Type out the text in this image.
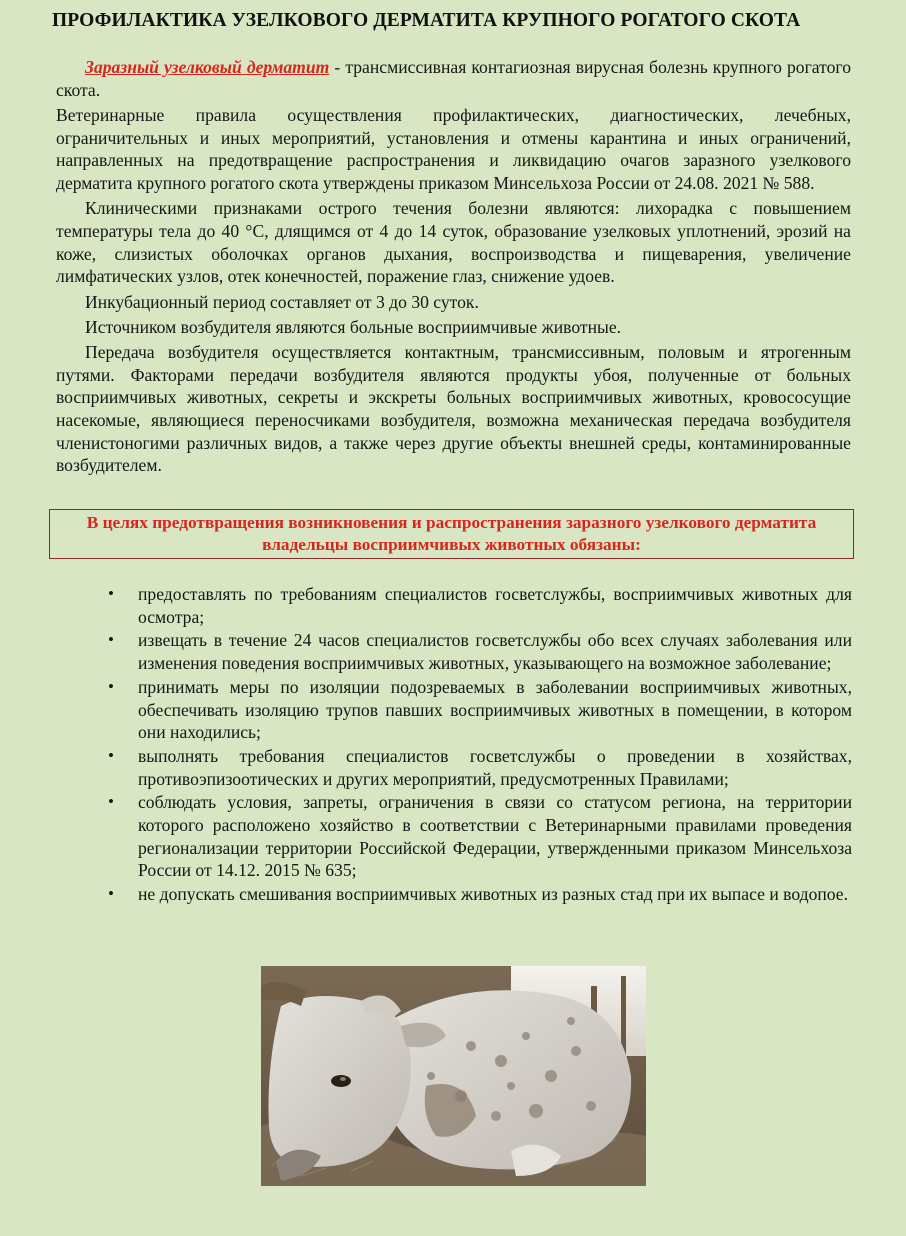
ПРОФИЛАКТИКА УЗЕЛКОВОГО ДЕРМАТИТА КРУПНОГО РОГАТОГО СКОТА

Заразный узелковый дерматит - трансмиссивная контагиозная вирусная болезнь крупного рогатого скота.

Ветеринарные правила осуществления профилактических, диагностических, лечебных, ограничительных и иных мероприятий, установления и отмены карантина и иных ограничений, направленных на предотвращение распространения и ликвидацию очагов заразного узелкового дерматита крупного рогатого скота утверждены приказом Минсельхоза России от 24.08. 2021 № 588.

Клиническими признаками острого течения болезни являются: лихорадка с повышением температуры тела до 40 °С, длящимся от 4 до 14 суток, образование узелковых уплотнений, эрозий на коже, слизистых оболочках органов дыхания, воспроизводства и пищеварения, увеличение лимфатических узлов, отек конечностей, поражение глаз, снижение удоев.

Инкубационный период составляет от 3 до 30 суток.

Источником возбудителя являются больные восприимчивые животные.

Передача возбудителя осуществляется контактным, трансмиссивным, половым и ятрогенным путями. Факторами передачи возбудителя являются продукты убоя, полученные от больных восприимчивых животных, секреты и экскреты больных восприимчивых животных, кровососущие насекомые, являющиеся переносчиками возбудителя, возможна механическая передача возбудителя членистоногими различных видов, а также через другие объекты внешней среды, контаминированные возбудителем.

В целях предотвращения возникновения и распространения заразного узелкового дерматита владельцы восприимчивых животных обязаны:
• предоставлять по требованиям специалистов госветслужбы, восприимчивых животных для осмотра;
• извещать в течение 24 часов специалистов госветслужбы обо всех случаях заболевания или изменения поведения восприимчивых животных, указывающего на возможное заболевание;
• принимать меры по изоляции подозреваемых в заболевании восприимчивых животных, обеспечивать изоляцию трупов павших восприимчивых животных в помещении, в котором они находились;
• выполнять требования специалистов госветслужбы о проведении в хозяйствах, противоэпизоотических и других мероприятий, предусмотренных Правилами;
• соблюдать условия, запреты, ограничения в связи со статусом региона, на территории которого расположено хозяйство в соответствии с Ветеринарными правилами проведения регионализации территории Российской Федерации, утвержденными приказом Минсельхоза России от 14.12. 2015 № 635;
• не допускать смешивания восприимчивых животных из разных стад при их выпасе и водопое.
